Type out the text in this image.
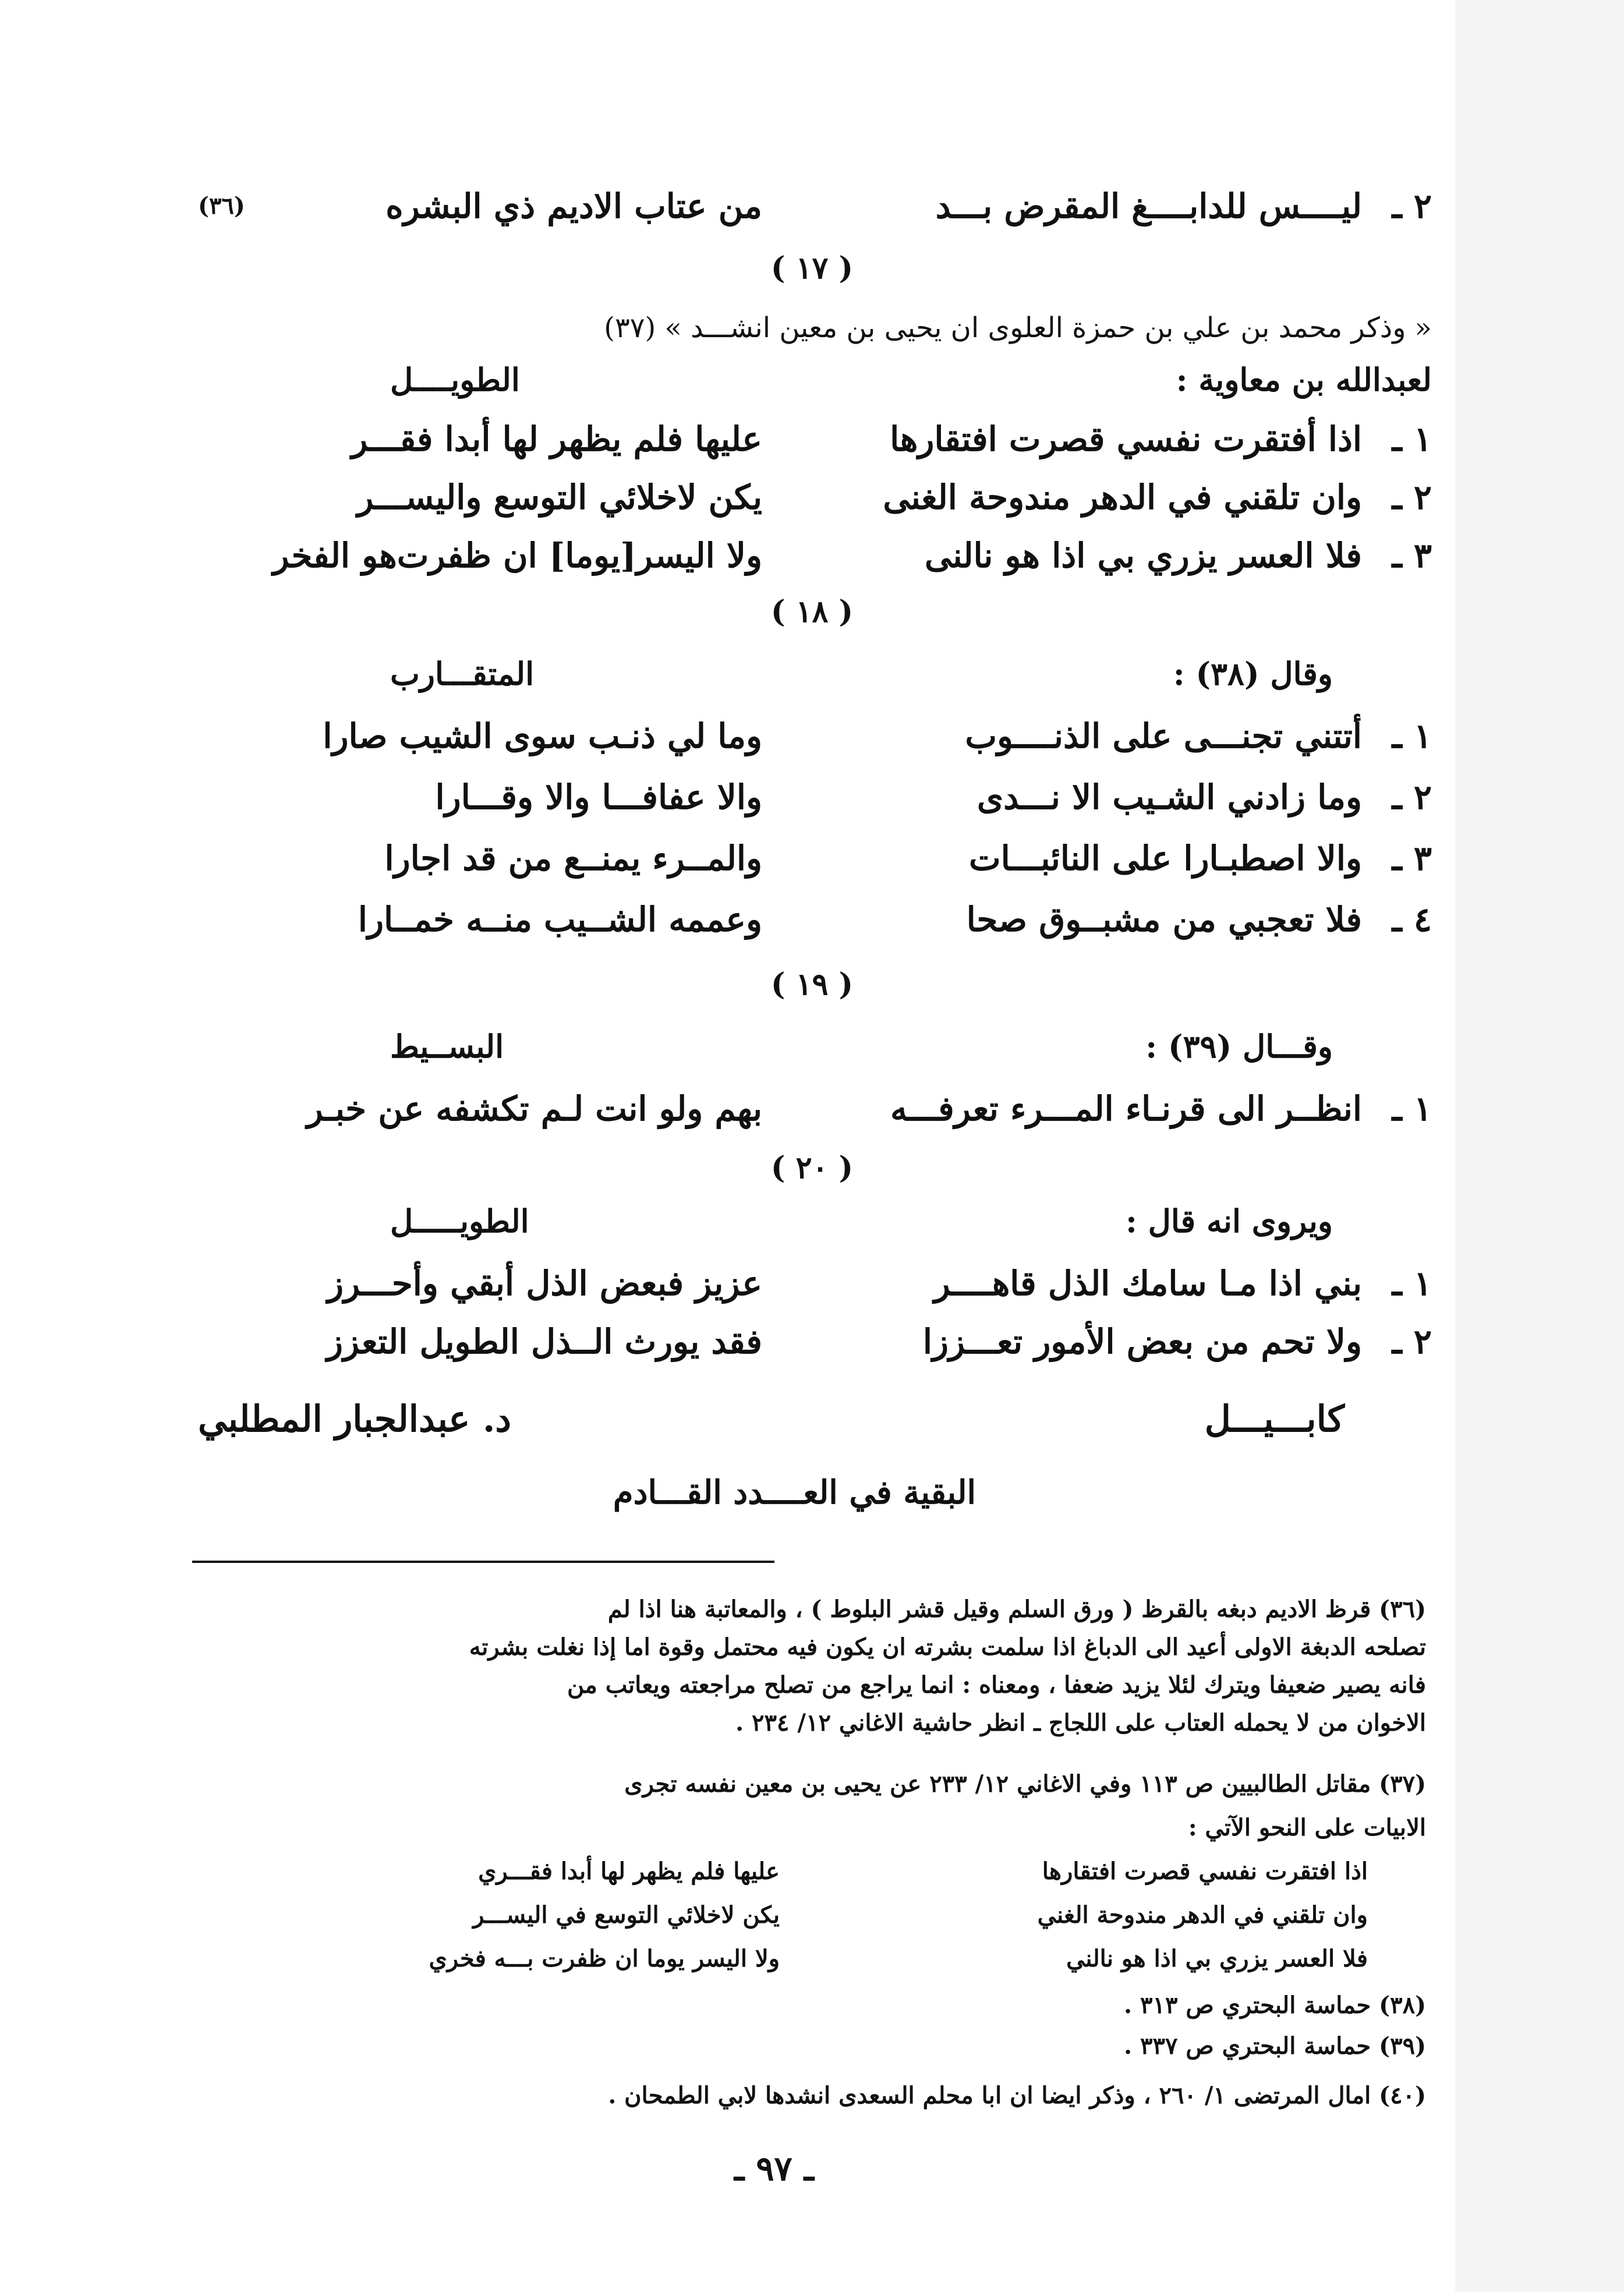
٢ ـ
ليــــس للدابــــغ المقرض بـــد
من عتاب الاديم ذي البشره
(٣٦)
( ١٧ )
« وذكر محمد بن علي بن حمزة العلوى ان يحيى بن معين انشـــد » (٣٧)
لعبدالله بن معاوية :
الطويــــل
١ ـ
اذا أفتقرت نفسي قصرت افتقارها
عليها فلم يظهر لها أبدا فقـــر
٢ ـ
وان تلقني في الدهر مندوحة الغنى
يكن لاخلائي التوسع واليســـر
٣ ـ
فلا العسر يزري بي اذا هو نالنى
ولا اليسر[يوما] ان ظفرت‌هو الفخر
( ١٨ )
وقال (٣٨) :
المتقـــارب
١ ـ
أتتني تجنـــى على الذنــــوب
وما لي ذنـب سوى الشيب صارا
٢ ـ
وما زادني الشـيب الا نـــدى
والا عفافـــا والا وقـــارا
٣ ـ
والا اصطبـارا على النائبـــات
والمــرء يمنــع من قد اجارا
٤ ـ
فلا تعجبي من مشبــوق صحا
وعممه الشــيب منــه خمــارا
( ١٩ )
وقـــال (٣٩) :
البســيط
١ ـ
انظــر الى قرنـاء المـــرء تعرفـــه
بهم ولو انت لـم تكشفه عن خبـر
( ٢٠ )
ويروى انه قال :
الطويـــــل
١ ـ
بني اذا مـا سامك الذل قاهــــر
عزيز فبعض الذل أبقي وأحـــرز
٢ ـ
ولا تحم من بعض الأمور تعـــززا
فقد يورث الــذل الطويل التعزز
كابـــيـــل
د. عبدالجبار المطلبي
البقية في العــــدد القـــادم
(٣٦) قرظ الاديم دبغه بالقرظ ( ورق السلم وقيل قشر البلوط ) ، والمعاتبة هنا اذا لم
تصلحه الدبغة الاولى أعيد الى الدباغ اذا سلمت بشرته ان يكون فيه محتمل وقوة اما إذا نغلت بشرته
فانه يصير ضعيفا ويترك لئلا يزيد ضعفا ، ومعناه : انما يراجع من تصلح مراجعته ويعاتب من
الاخوان من لا يحمله العتاب على اللجاج ـ انظر حاشية الاغاني ١٢/ ٢٣٤ .
(٣٧) مقاتل الطالبيين ص ١١٣ وفي الاغاني ١٢/ ٢٣٣ عن يحيى بن معين نفسه تجرى
الابيات على النحو الآتي :
اذا افتقرت نفسي قصرت افتقارها
عليها فلم يظهر لها أبدا فقـــري
وان تلقني في الدهر مندوحة الغني
يكن لاخلائي التوسع في اليســـر
فلا العسر يزري بي اذا هو نالني
ولا اليسر يوما ان ظفرت بـــه فخري
(٣٨) حماسة البحتري ص ٣١٣ .
(٣٩) حماسة البحتري ص ٣٣٧ .
(٤٠) امال المرتضى ١/ ٢٦٠ ، وذكر ايضا ان ابا محلم السعدى انشدها لابي الطمحان .
ـ ٩٧ ـ
